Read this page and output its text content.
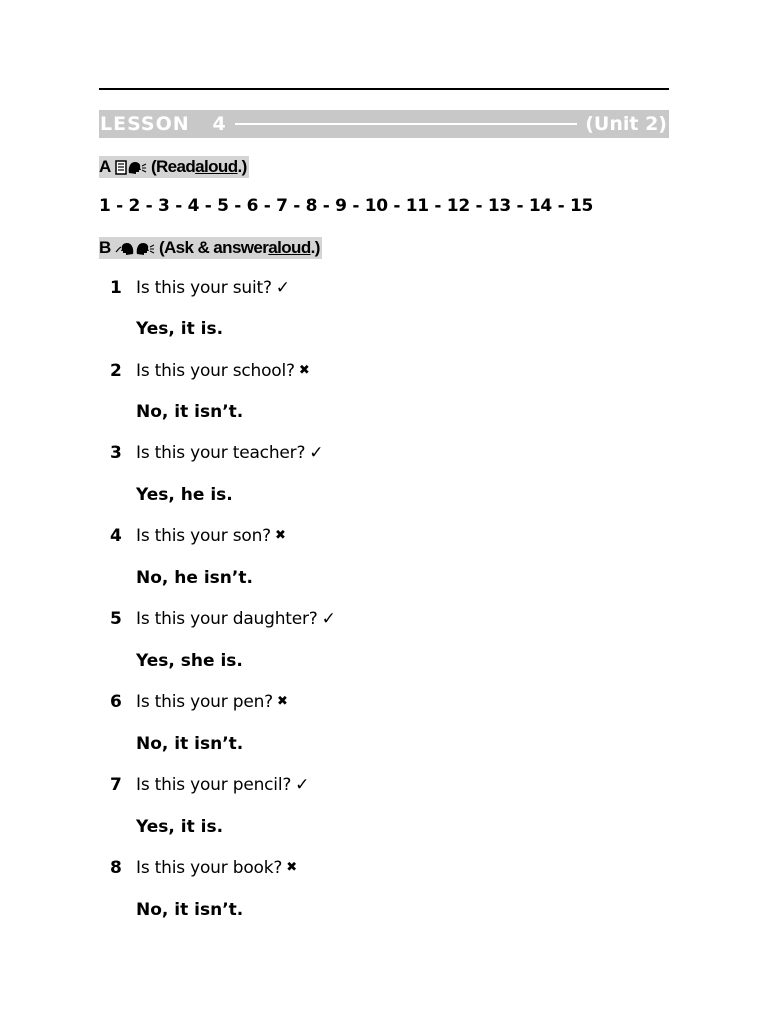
LESSON   4	(Unit 2)
A

(Read aloud .)
1 - 2 - 3 - 4 - 5 - 6 - 7 - 8 - 9 - 10 - 11 - 12 - 13 - 14 - 15
B

	(Ask & answer aloud .)
1 Is this your suit? ✓
Yes, it is.
2 Is this your school? ✖
No, it isn’t.
3 Is this your teacher? ✓
Yes, he is.
4 Is this your son? ✖
No, he isn’t.
5 Is this your daughter? ✓
Yes, she is.
6 Is this your pen? ✖
No, it isn’t.
7 Is this your pencil? ✓
Yes, it is.
8 Is this your book? ✖
No, it isn’t.
